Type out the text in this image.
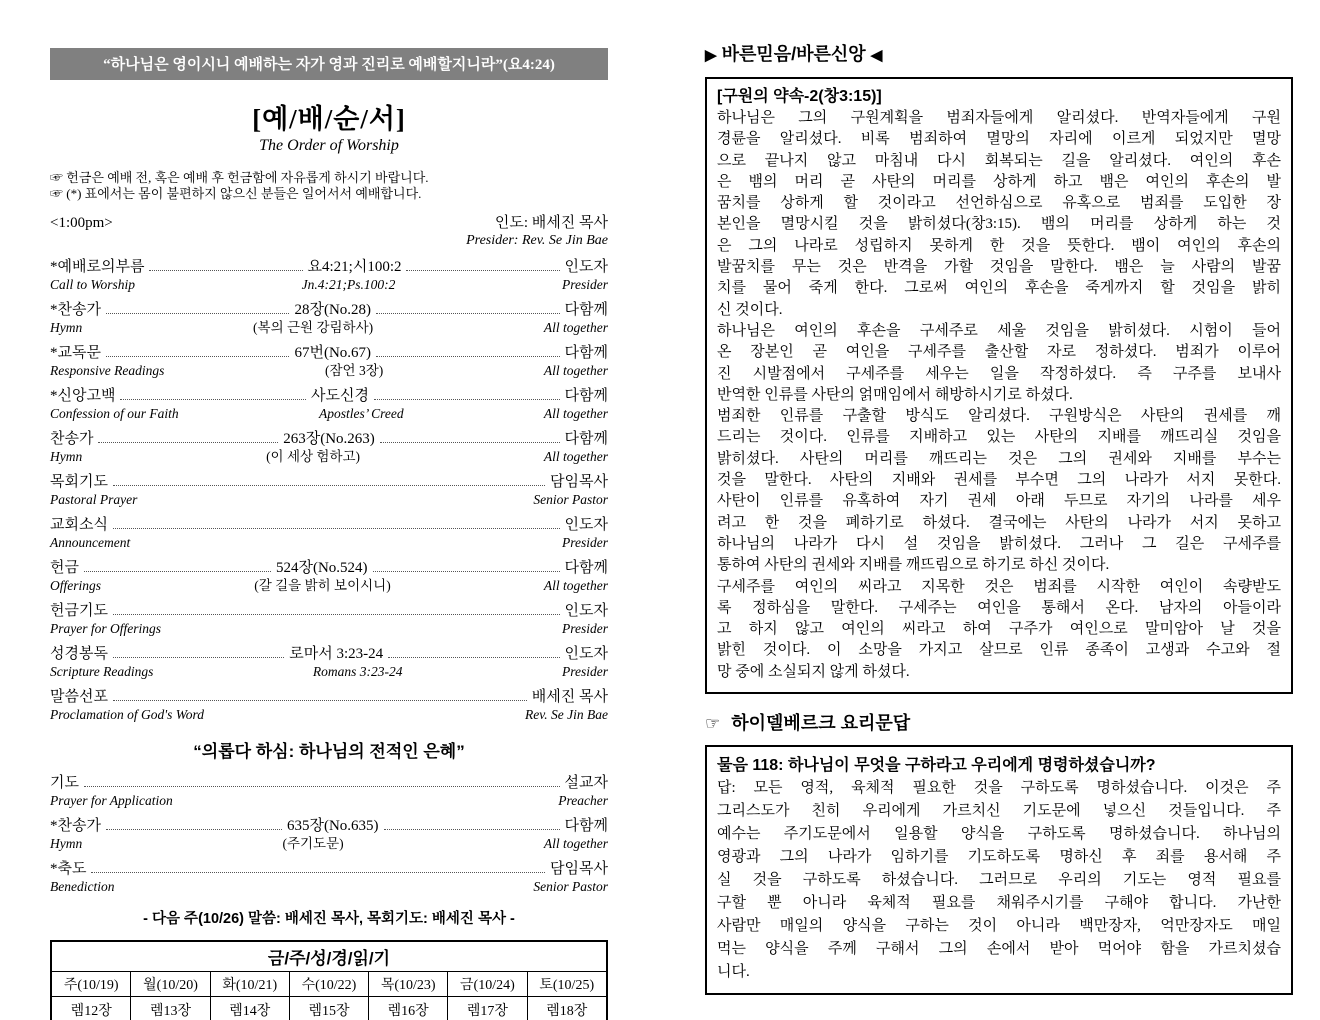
“하나님은 영이시니 예배하는 자가 영과 진리로 예배할지니라”(요4:24)
[예/배/순/서]
The Order of Worship
☞ 헌금은 예배 전, 혹은 예배 후 헌금함에 자유롭게 하시기 바랍니다.
☞ (*) 표에서는 몸이 불편하지 않으신 분들은 일어서서 예배합니다.
<1:00pm>	인도: 배세진 목사
Presider: Rev. Se Jin Bae
*예배로의부름	요4:21;시100:2	인도자
Call to Worship	Jn.4:21;Ps.100:2	Presider
*찬송가	28장(No.28)	다함께
Hymn	(복의 근원 강림하사)	All together
*교독문	67번(No.67)	다함께
Responsive Readings	(잠언 3장)	All together
*신앙고백	사도신경	다함께
Confession of our Faith	Apostles’ Creed	All together
찬송가	263장(No.263)	다함께
Hymn	(이 세상 험하고)	All together
목회기도	담임목사
Pastoral Prayer	Senior Pastor
교회소식	인도자
Announcement	Presider
헌금	524장(No.524)	다함께
Offerings	(갈 길을 밝히 보이시니)	All together
헌금기도	인도자
Prayer for Offerings	Presider
성경봉독	로마서 3:23-24	인도자
Scripture Readings	Romans 3:23-24	Presider
말씀선포	배세진 목사
Proclamation of God's Word	Rev. Se Jin Bae
“의롭다 하심: 하나님의 전적인 은혜”
기도	설교자
Prayer for Application	Preacher
*찬송가	635장(No.635)	다함께
Hymn	(주기도문)	All together
*축도	담임목사
Benediction	Senior Pastor
- 다음 주(10/26) 말씀: 배세진 목사, 목회기도: 배세진 목사 -
금/주/성/경/읽/기						
주(10/19)	월(10/20)	화(10/21)	수(10/22)	목(10/23)	금(10/24)	토(10/25)
렘12장	렘13장	렘14장	렘15장	렘16장	렘17장	렘18장
▶ 바른믿음/바른신앙 ◀
[구원의 약속-2(창3:15)]
하나님은 그의 구원계획을 범죄자들에게 알리셨다. 반역자들에게 구원
경륜을 알리셨다. 비록 범죄하여 멸망의 자리에 이르게 되었지만 멸망
으로 끝나지 않고 마침내 다시 회복되는 길을 알리셨다. 여인의 후손
은 뱀의 머리 곧 사탄의 머리를 상하게 하고 뱀은 여인의 후손의 발
꿈치를 상하게 할 것이라고 선언하심으로 유혹으로 범죄를 도입한 장
본인을 멸망시킬 것을 밝히셨다(창3:15). 뱀의 머리를 상하게 하는 것
은 그의 나라로 성립하지 못하게 한 것을 뜻한다. 뱀이 여인의 후손의
발꿈치를 무는 것은 반격을 가할 것임을 말한다. 뱀은 늘 사람의 발꿈
치를 물어 죽게 한다. 그로써 여인의 후손을 죽게까지 할 것임을 밝히
신 것이다.
하나님은 여인의 후손을 구세주로 세울 것임을 밝히셨다. 시험이 들어
온 장본인 곧 여인을 구세주를 출산할 자로 정하셨다. 범죄가 이루어
진 시발점에서 구세주를 세우는 일을 작정하셨다. 즉 구주를 보내사
반역한 인류를 사탄의 얽매임에서 해방하시기로 하셨다.
범죄한 인류를 구출할 방식도 알리셨다. 구원방식은 사탄의 권세를 깨
드리는 것이다. 인류를 지배하고 있는 사탄의 지배를 깨뜨리실 것임을
밝히셨다. 사탄의 머리를 깨뜨리는 것은 그의 권세와 지배를 부수는
것을 말한다. 사탄의 지배와 권세를 부수면 그의 나라가 서지 못한다.
사탄이 인류를 유혹하여 자기 권세 아래 두므로 자기의 나라를 세우
려고 한 것을 폐하기로 하셨다. 결국에는 사탄의 나라가 서지 못하고
하나님의 나라가 다시 설 것임을 밝히셨다. 그러나 그 길은 구세주를
통하여 사탄의 권세와 지배를 깨뜨림으로 하기로 하신 것이다.
구세주를 여인의 씨라고 지목한 것은 범죄를 시작한 여인이 속량받도
록 정하심을 말한다. 구세주는 여인을 통해서 온다. 남자의 아들이라
고 하지 않고 여인의 씨라고 하여 구주가 여인으로 말미암아 날 것을
밝힌 것이다. 이 소망을 가지고 살므로 인류 종족이 고생과 수고와 절
망 중에 소실되지 않게 하셨다.
☞ 하이델베르크 요리문답
물음 118: 하나님이 무엇을 구하라고 우리에게 명령하셨습니까?
답: 모든 영적, 육체적 필요한 것을 구하도록 명하셨습니다. 이것은 주
그리스도가 친히 우리에게 가르치신 기도문에 넣으신 것들입니다. 주
예수는 주기도문에서 일용할 양식을 구하도록 명하셨습니다. 하나님의
영광과 그의 나라가 임하기를 기도하도록 명하신 후 죄를 용서해 주
실 것을 구하도록 하셨습니다. 그러므로 우리의 기도는 영적 필요를
구할 뿐 아니라 육체적 필요를 채워주시기를 구해야 합니다. 가난한
사람만 매일의 양식을 구하는 것이 아니라 백만장자, 억만장자도 매일
먹는 양식을 주께 구해서 그의 손에서 받아 먹어야 함을 가르치셨습
니다.
